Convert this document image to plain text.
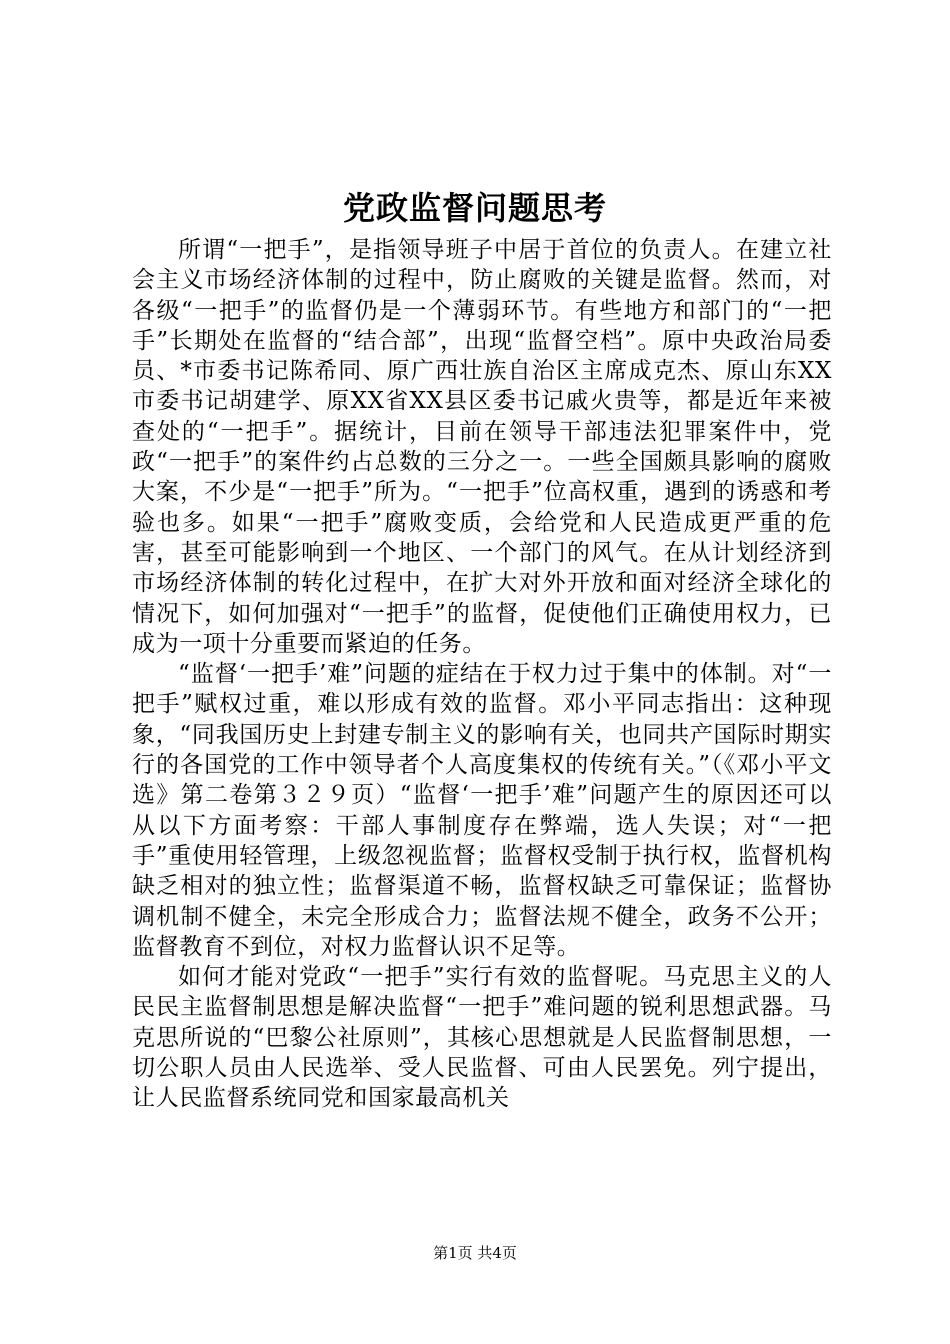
党政监督问题思考

所谓“一把手”，是指领导班子中居于首位的负责人。在建立社会主义市场经济体制的过程中，防止腐败的关键是监督。然而，对各级“一把手”的监督仍是一个薄弱环节。有些地方和部门的“一把手”长期处在监督的“结合部”，出现“监督空档”。原中央政治局委员、*市委书记陈希同、原广西壮族自治区主席成克杰、原山东XX市委书记胡建学、原XX省XX县区委书记戚火贵等，都是近年来被查处的“一把手”。据统计，目前在领导干部违法犯罪案件中，党政“一把手”的案件约占总数的三分之一。一些全国颇具影响的腐败大案，不少是“一把手”所为。“一把手”位高权重，遇到的诱惑和考验也多。如果“一把手”腐败变质，会给党和人民造成更严重的危害，甚至可能影响到一个地区、一个部门的风气。在从计划经济到市场经济体制的转化过程中，在扩大对外开放和面对经济全球化的情况下，如何加强对“一把手”的监督，促使他们正确使用权力，已成为一项十分重要而紧迫的任务。

“监督‘一把手’难”问题的症结在于权力过于集中的体制。对“一把手”赋权过重，难以形成有效的监督。邓小平同志指出：这种现象，“同我国历史上封建专制主义的影响有关，也同共产国际时期实行的各国党的工作中领导者个人高度集权的传统有关。”（《邓小平文选》第二卷第３２９页）“监督‘一把手’难”问题产生的原因还可以从以下方面考察：干部人事制度存在弊端，选人失误；对“一把手”重使用轻管理，上级忽视监督；监督权受制于执行权，监督机构缺乏相对的独立性；监督渠道不畅，监督权缺乏可靠保证；监督协调机制不健全，未完全形成合力；监督法规不健全，政务不公开；监督教育不到位，对权力监督认识不足等。

如何才能对党政“一把手”实行有效的监督呢。马克思主义的人民民主监督制思想是解决监督“一把手”难问题的锐利思想武器。马克思所说的“巴黎公社原则”，其核心思想就是人民监督制思想，一切公职人员由人民选举、受人民监督、可由人民罢免。列宁提出，让人民监督系统同党和国家最高机关

第1页 共4页
